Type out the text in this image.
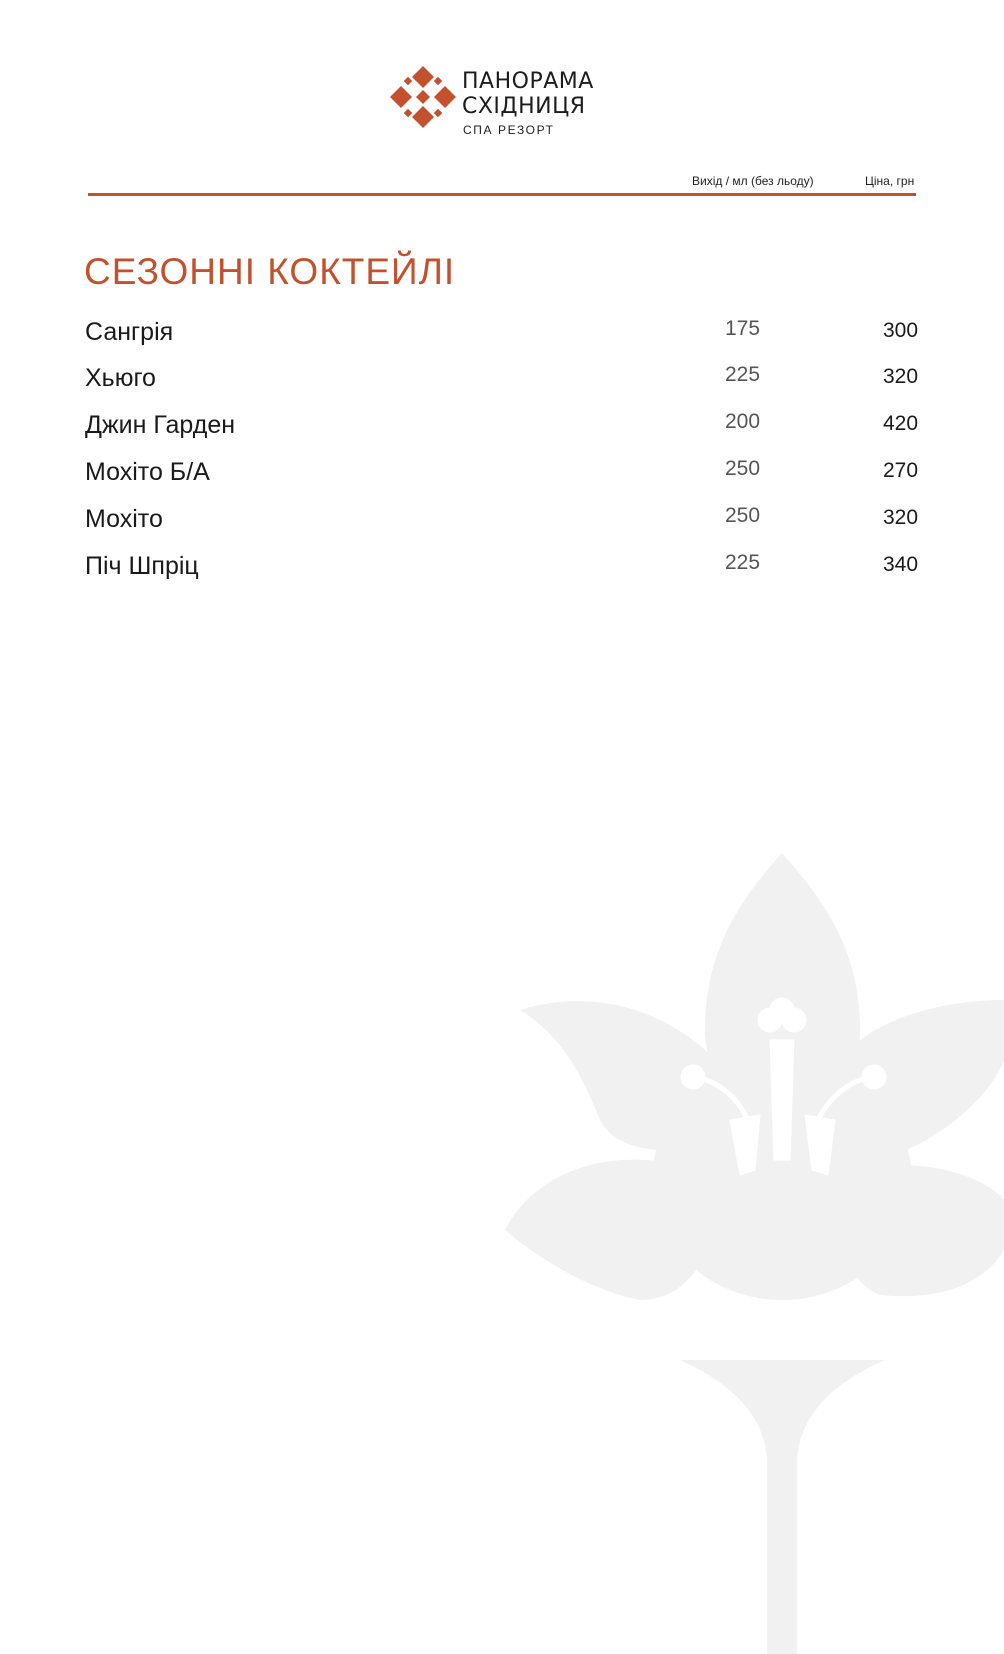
ПАНОРАМА
СХІДНИЦЯ
СПА РЕЗОРТ
Вихід / мл (без льоду)	Ціна, грн
СЕЗОННІ КОКТЕЙЛІ
Сангрія	175	300
Хьюго	225	320
Джин Гарден	200	420
Мохіто Б/А	250	270
Мохіто	250	320
Піч Шпріц	225	340
